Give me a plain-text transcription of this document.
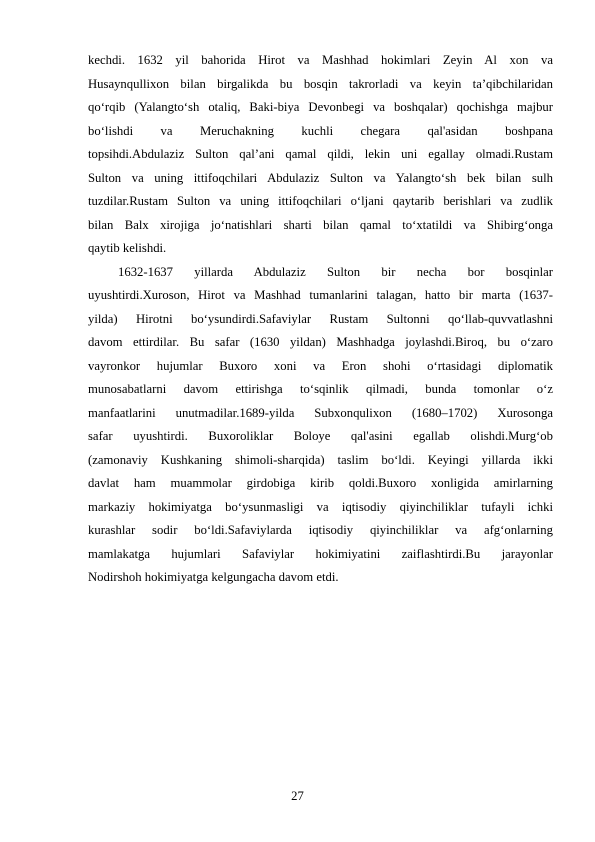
kechdi. 1632 yil bahorida Hirot va Mashhad hokimlari Zeyin Al xon va
Husaynqullixon bilan birgalikda bu bosqin takrorladi va keyin ta’qibchilaridan
qo‘rqib (Yalangto‘sh otaliq, Baki-biya Devonbegi va boshqalar) qochishga majbur
bo‘lishdi va Meruchakning kuchli chegara qal'asidan boshpana
topsihdi.Abdulaziz Sulton qal’ani qamal qildi, lekin uni egallay olmadi.Rustam
Sulton va uning ittifoqchilari Abdulaziz Sulton va Yalangto‘sh bek bilan sulh
tuzdilar.Rustam Sulton va uning ittifoqchilari o‘ljani qaytarib berishlari va zudlik
bilan Balx xirojiga jo‘natishlari sharti bilan qamal to‘xtatildi va Shibirg‘onga
qaytib kelishdi.

1632-1637 yillarda Abdulaziz Sulton bir necha bor bosqinlar
uyushtirdi.Xuroson, Hirot va Mashhad tumanlarini talagan, hatto bir marta (1637-
yilda) Hirotni bo‘ysundirdi.Safaviylar Rustam Sultonni qo‘llab-quvvatlashni
davom ettirdilar. Bu safar (1630 yildan) Mashhadga joylashdi.Biroq, bu o‘zaro
vayronkor hujumlar Buxoro xoni va Eron shohi o‘rtasidagi diplomatik
munosabatlarni davom ettirishga to‘sqinlik qilmadi, bunda tomonlar o‘z
manfaatlarini unutmadilar.1689-yilda Subxonqulixon (1680–1702) Xurosonga
safar uyushtirdi. Buxoroliklar Boloye qal'asini egallab olishdi.Murg‘ob
(zamonaviy Kushkaning shimoli-sharqida) taslim bo‘ldi. Keyingi yillarda ikki
davlat ham muammolar girdobiga kirib qoldi.Buxoro xonligida amirlarning
markaziy hokimiyatga bo‘ysunmasligi va iqtisodiy qiyinchiliklar tufayli ichki
kurashlar sodir bo‘ldi.Safaviylarda iqtisodiy qiyinchiliklar va afg‘onlarning
mamlakatga hujumlari Safaviylar hokimiyatini zaiflashtirdi.Bu jarayonlar
Nodirshoh hokimiyatga kelgungacha davom etdi.

27
